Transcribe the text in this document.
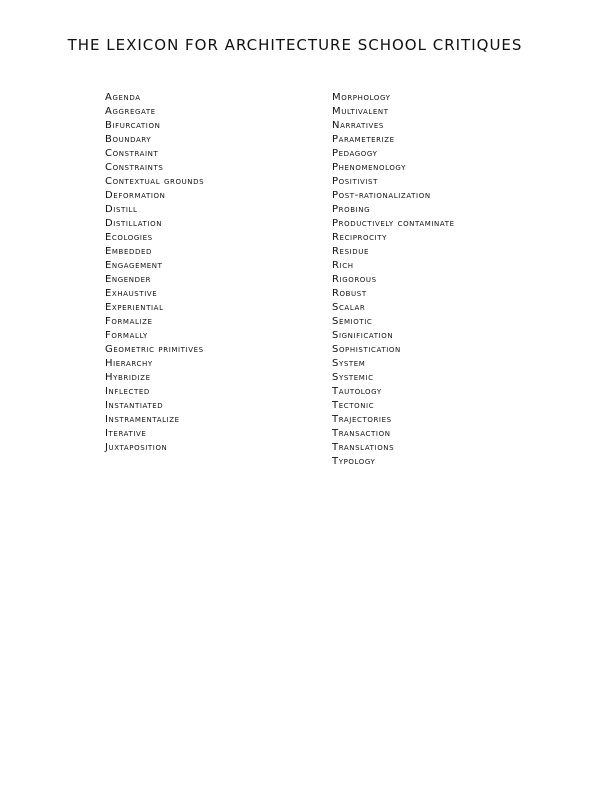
THE LEXICON FOR ARCHITECTURE SCHOOL CRITIQUES
Agenda
Aggregate
Bifurcation
Boundary
Constraint
Constraints
Contextual grounds
Deformation
Distill
Distillation
Ecologies
Embedded
Engagement
Engender
Exhaustive
Experiential
Formalize
Formally
Geometric primitives
Hierarchy
Hybridize
Inflected
Instantiated
Instramentalize
Iterative
Juxtaposition
Morphology
Multivalent
Narratives
Parameterize
Pedagogy
Phenomenology
Positivist
Post-rationalization
Probing
Productively contaminate
Reciprocity
Residue
Rich
Rigorous
Robust
Scalar
Semiotic
Signification
Sophistication
System
Systemic
Tautology
Tectonic
Trajectories
Transaction
Translations
Typology
